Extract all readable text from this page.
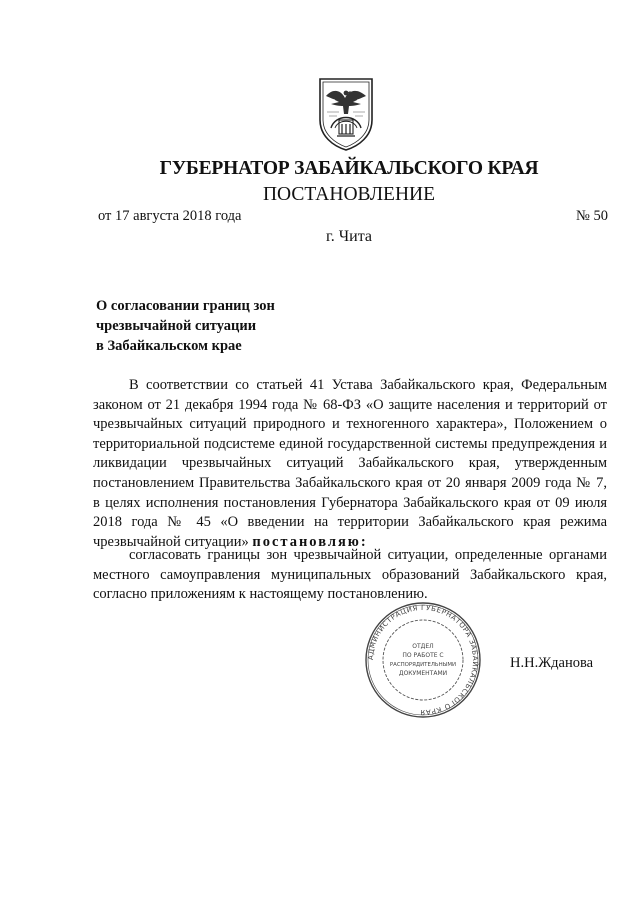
ГУБЕРНАТОР ЗАБАЙКАЛЬСКОГО КРАЯ
ПОСТАНОВЛЕНИЕ
от 17 августа 2018 года	№ 50
г. Чита
О согласовании границ зон
чрезвычайной ситуации
в Забайкальском крае
В соответствии со статьей 41 Устава Забайкальского края, Федеральным
законом от 21 декабря 1994 года № 68-ФЗ «О защите населения и территорий от
чрезвычайных ситуаций природного и техногенного характера», Положением о
территориальной подсистеме единой государственной системы предупреждения и
ликвидации чрезвычайных ситуаций Забайкальского края, утвержденным
постановлением Правительства Забайкальского края от 20 января 2009 года № 7,
в целях исполнения постановления Губернатора Забайкальского края от 09 июля
2018 года № 45 «О введении на территории Забайкальского края режима
чрезвычайной ситуации» постановляю:
согласовать границы зон чрезвычайной ситуации, определенные органами
местного самоуправления муниципальных образований Забайкальского края,
согласно приложениям к настоящему постановлению.
АДМИНИСТРАЦИЯ ГУБЕРНАТОРА ЗАБАЙКАЛЬСКОГО КРАЯ
ОТДЕЛ
ПО РАБОТЕ С
РАСПОРЯДИТЕЛЬНЫМИ
ДОКУМЕНТАМИ
Н.Н.Жданова
